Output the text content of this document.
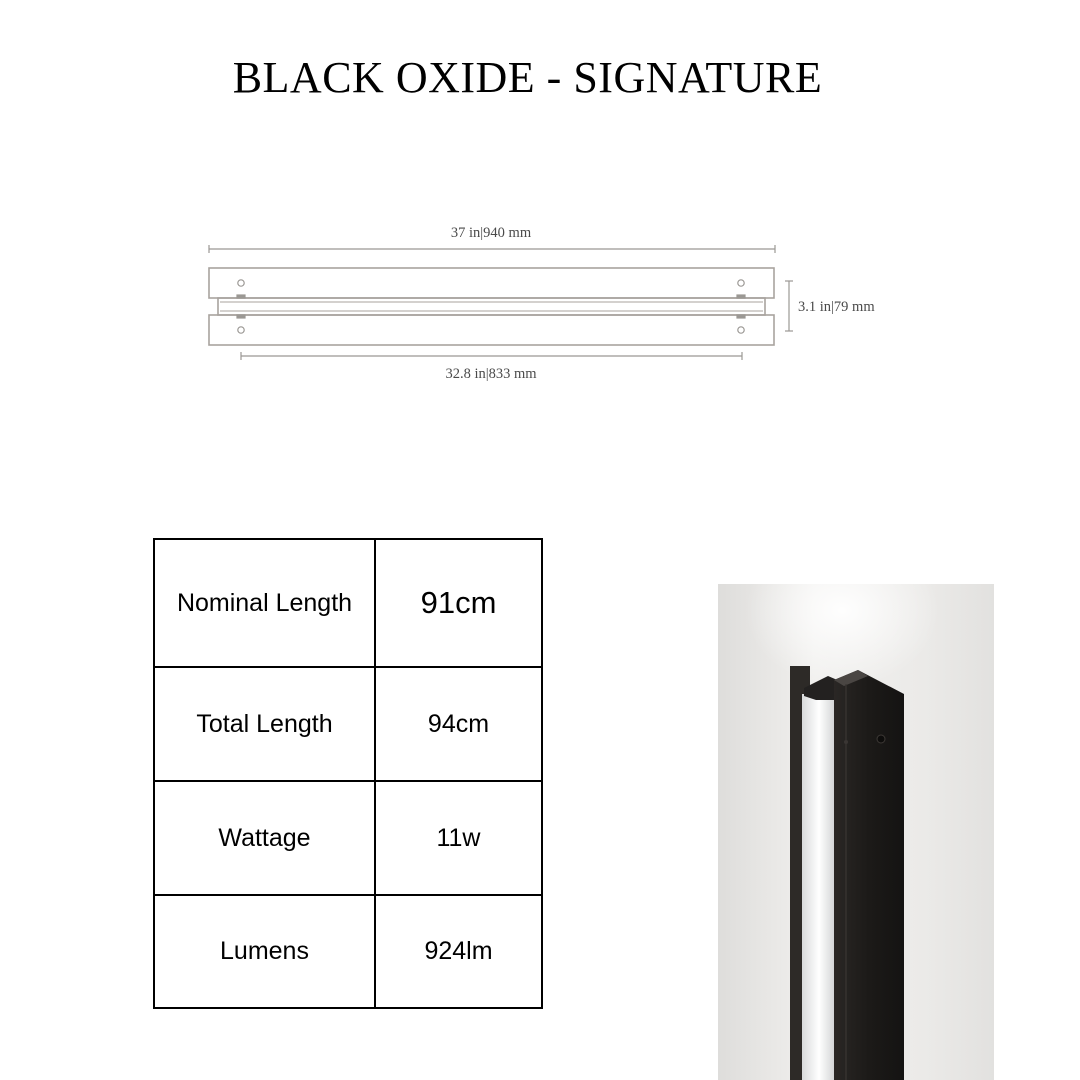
BLACK OXIDE - SIGNATURE
37 in|940 mm
3.1 in|79 mm
32.8 in|833 mm
Nominal Length	91cm
Total Length	94cm
Wattage	11w
Lumens	924lm
